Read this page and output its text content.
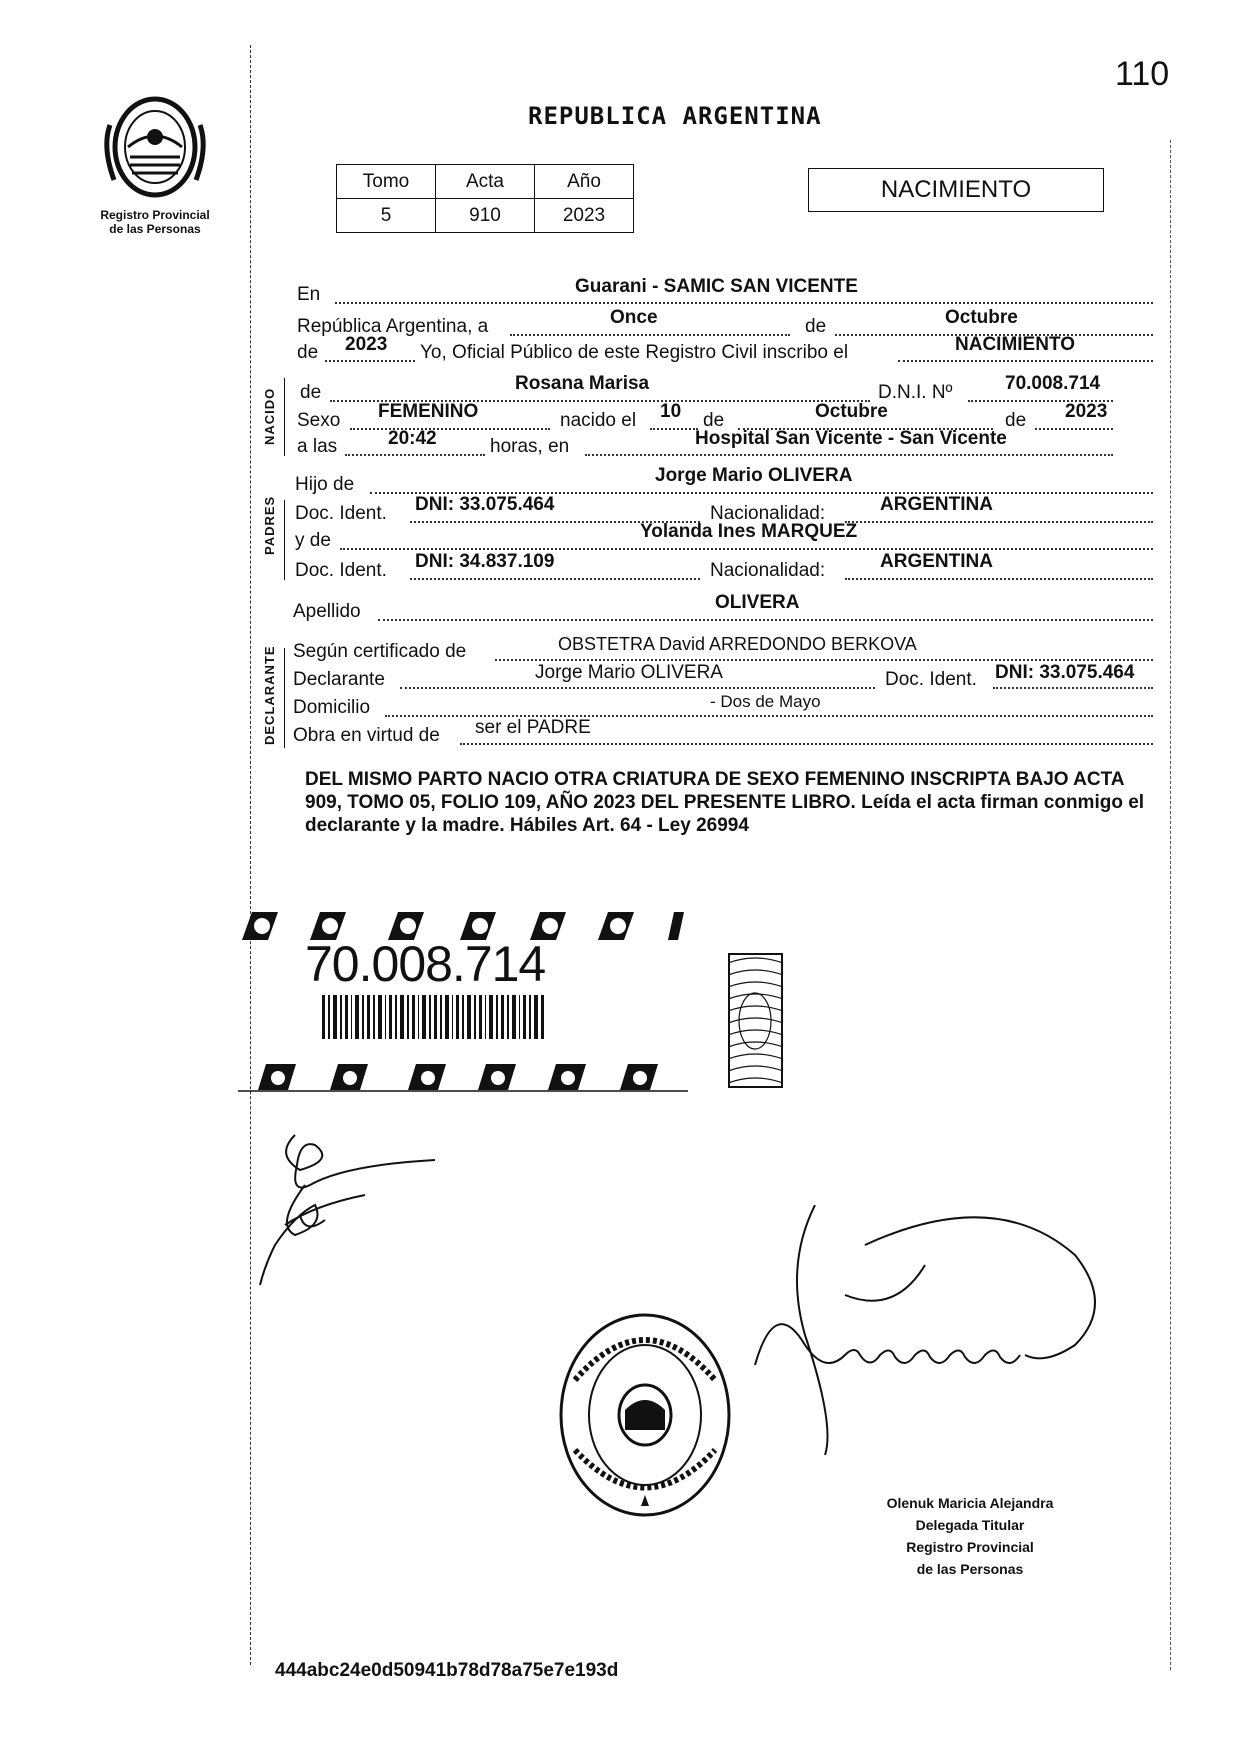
110
Registro Provincial
de las Personas
REPUBLICA ARGENTINA
Tomo	Acta	Año
5	910	2023
NACIMIENTO
NACIDO
PADRES
DECLARANTE
En	Guarani - SAMIC SAN VICENTE
República Argentina, a	Once	de	Octubre
de 2023 Yo, Oficial Público de este Registro Civil inscribo el	NACIMIENTO
de	Rosana Marisa	D.N.I. Nº	70.008.714
Sexo FEMENINO	nacido el 10 de	Octubre	de 2023
a las	20:42	horas, en	Hospital San Vicente - San Vicente
Hijo de	Jorge Mario OLIVERA
Doc. Ident. DNI: 33.075.464	Nacionalidad:	ARGENTINA
y de	Yolanda Ines MARQUEZ
Doc. Ident. DNI: 34.837.109	Nacionalidad:	ARGENTINA
Apellido	OLIVERA
Según certificado de	OBSTETRA David ARREDONDO BERKOVA
Declarante	Jorge Mario OLIVERA	Doc. Ident. DNI: 33.075.464
Domicilio	- Dos de Mayo
Obra en virtud de ser el PADRE
DEL MISMO PARTO NACIO OTRA CRIATURA DE SEXO FEMENINO INSCRIPTA BAJO ACTA 909, TOMO 05, FOLIO 109, AÑO 2023 DEL PRESENTE LIBRO. Leída el acta firman conmigo el declarante y la madre. Hábiles Art. 64 - Ley 26994
70.008.714
Olenuk Maricia Alejandra
Delegada Titular
Registro Provincial
de las Personas
444abc24e0d50941b78d78a75e7e193d
